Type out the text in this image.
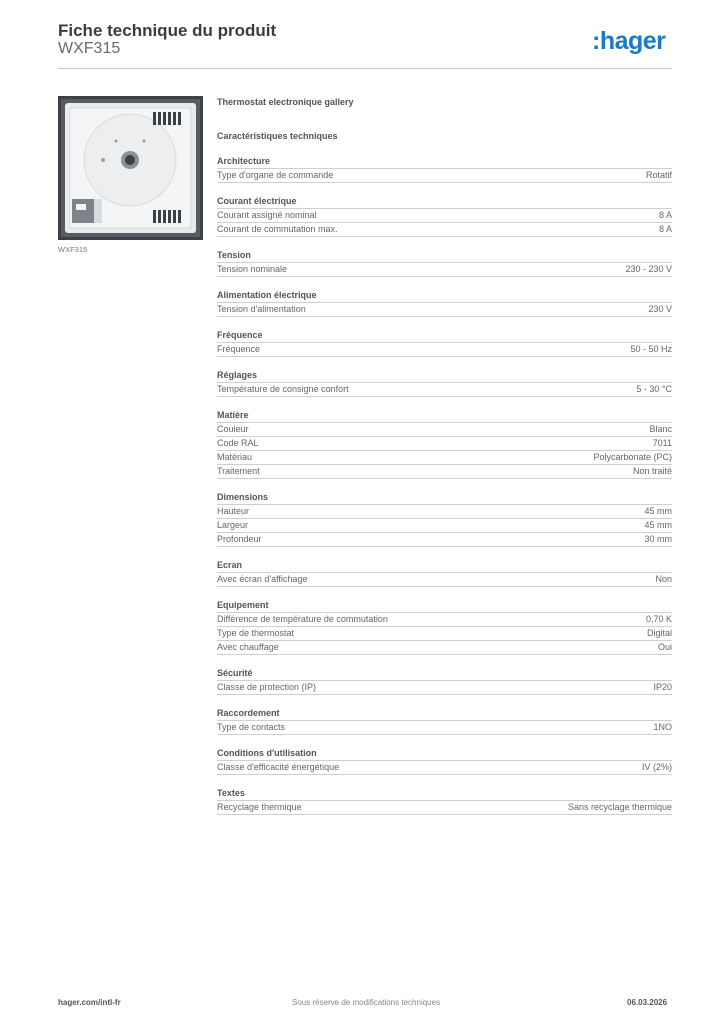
Fiche technique du produit
WXF315	:hager
WXF315
Thermostat electronique gallery
Caractéristiques techniques
Architecture
Type d'organe de commande	Rotatif
Courant électrique
Courant assigné nominal	8 A
Courant de commutation max.	8 A
Tension
Tension nominale	230 - 230 V
Alimentation électrique
Tension d'alimentation	230 V
Fréquence
Fréquence	50 - 50 Hz
Réglages
Température de consigne confort	5 - 30 °C
Matière
Couleur	Blanc
Code RAL	7011
Matériau	Polycarbonate (PC)
Traitement	Non traité
Dimensions
Hauteur	45 mm
Largeur	45 mm
Profondeur	30 mm
Ecran
Avec écran d'affichage	Non
Equipement
Différence de température de commutation	0,70 K
Type de thermostat	Digital
Avec chauffage	Oui
Sécurité
Classe de protection (IP)	IP20
Raccordement
Type de contacts	1NO
Conditions d'utilisation
Classe d'efficacité énergétique	IV (2%)
Textes
Recyclage thermique	Sans recyclage thermique
hager.com/intl-fr	Sous réserve de modifications techniques	06.03.2026
